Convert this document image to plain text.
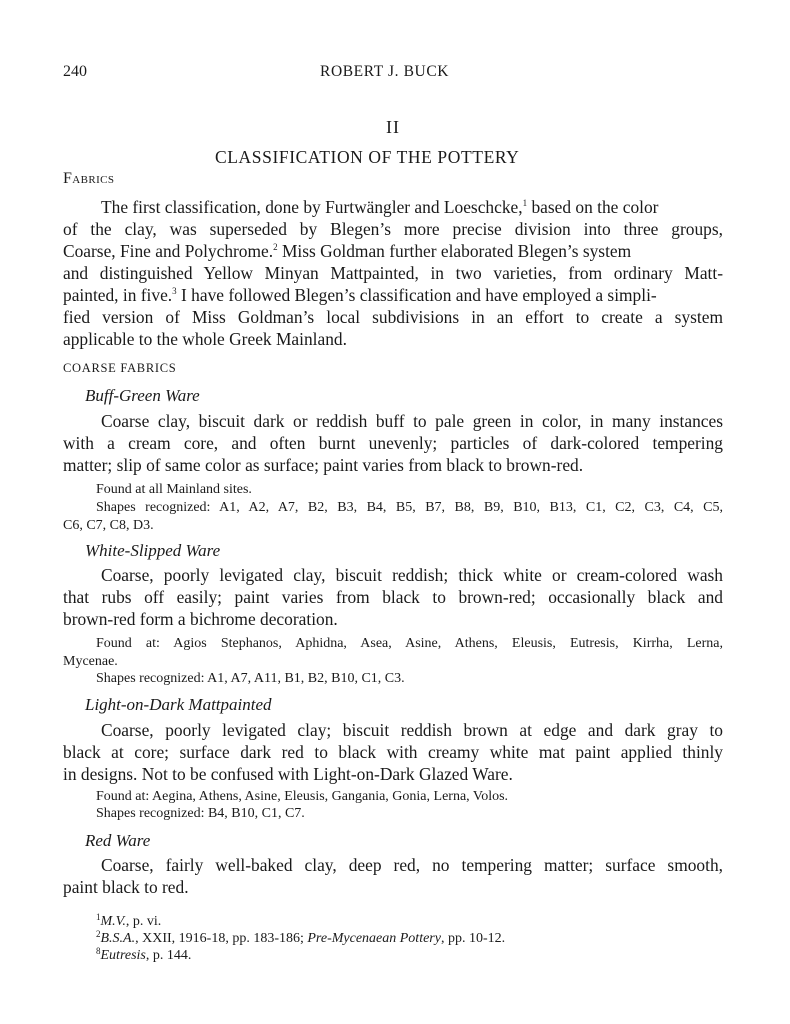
240	ROBERT J. BUCK
II
CLASSIFICATION OF THE POTTERY
Fabrics
The first classification, done by Furtwängler and Loeschcke,$^1$ based on the color
of the clay, was superseded by Blegen’s more precise division into three groups,
Coarse, Fine and Polychrome.$^2$ Miss Goldman further elaborated Blegen’s system
and distinguished Yellow Minyan Mattpainted, in two varieties, from ordinary Matt-
painted, in five.$^3$ I have followed Blegen’s classification and have employed a simpli-
fied version of Miss Goldman’s local subdivisions in an effort to create a system
applicable to the whole Greek Mainland.
COARSE FABRICS
Buff-Green Ware
Coarse clay, biscuit dark or reddish buff to pale green in color, in many instances
with a cream core, and often burnt unevenly; particles of dark-colored tempering
matter; slip of same color as surface; paint varies from black to brown-red.
Found at all Mainland sites.
Shapes recognized: A1, A2, A7, B2, B3, B4, B5, B7, B8, B9, B10, B13, C1, C2, C3, C4, C5,
C6, C7, C8, D3.
White-Slipped Ware
Coarse, poorly levigated clay, biscuit reddish; thick white or cream-colored wash
that rubs off easily; paint varies from black to brown-red; occasionally black and
brown-red form a bichrome decoration.
Found at: Agios Stephanos, Aphidna, Asea, Asine, Athens, Eleusis, Eutresis, Kirrha, Lerna,
Mycenae.
Shapes recognized: A1, A7, A11, B1, B2, B10, C1, C3.
Light-on-Dark Mattpainted
Coarse, poorly levigated clay; biscuit reddish brown at edge and dark gray to
black at core; surface dark red to black with creamy white mat paint applied thinly
in designs. Not to be confused with Light-on-Dark Glazed Ware.
Found at: Aegina, Athens, Asine, Eleusis, Gangania, Gonia, Lerna, Volos.
Shapes recognized: B4, B10, C1, C7.
Red Ware
Coarse, fairly well-baked clay, deep red, no tempering matter; surface smooth,
paint black to red.
$^1$M.V., p. vi.
$^2$B.S.A., XXII, 1916-18, pp. 183-186; Pre-Mycenaean Pottery, pp. 10-12.
$^8$Eutresis, p. 144.
